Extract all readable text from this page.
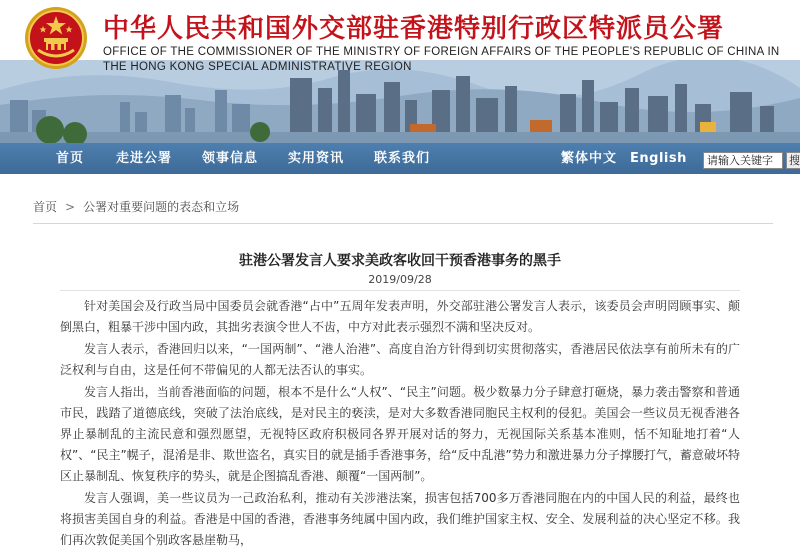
中华人民共和国外交部驻香港特别行政区特派员公署
OFFICE OF THE COMMISSIONER OF THE MINISTRY OF FOREIGN AFFAIRS OF THE PEOPLE'S REPUBLIC OF CHINA IN
THE HONG KONG SPECIAL ADMINISTRATIVE REGION
首页 走进公署 领事信息 实用资讯 联系我们	繁体中文 English
请输入关键字	搜
首页 > 公署对重要问题的表态和立场
驻港公署发言人要求美政客收回干预香港事务的黑手
2019/09/28

针对美国会及行政当局中国委员会就香港“占中”五周年发表声明，外交部驻港公署发言人表示，该委员会声明罔顾事实、颠倒黑白，粗暴干涉中国内政，其拙劣表演令世人不齿，中方对此表示强烈不满和坚决反对。

发言人表示，香港回归以来，“一国两制”、“港人治港”、高度自治方针得到切实贯彻落实，香港居民依法享有前所未有的广泛权利与自由，这是任何不带偏见的人都无法否认的事实。

发言人指出，当前香港面临的问题，根本不是什么“人权”、“民主”问题。极少数暴力分子肆意打砸烧，暴力袭击警察和普通市民，践踏了道德底线，突破了法治底线，是对民主的亵渎，是对大多数香港同胞民主权利的侵犯。美国会一些议员无视香港各界止暴制乱的主流民意和强烈愿望，无视特区政府积极同各界开展对话的努力，无视国际关系基本准则，恬不知耻地打着“人权”、“民主”幌子，混淆是非、欺世盗名，真实目的就是插手香港事务，给“反中乱港”势力和激进暴力分子撑腰打气，蓄意破坏特区止暴制乱、恢复秩序的势头，就是企图搞乱香港、颠覆“一国两制”。

发言人强调，美一些议员为一己政治私利，推动有关涉港法案，损害包括700多万香港同胞在内的中国人民的利益，最终也将损害美国自身的利益。香港是中国的香港，香港事务纯属中国内政，我们维护国家主权、安全、发展利益的决心坚定不移。我们再次敦促美国个别政客悬崖勒马，
